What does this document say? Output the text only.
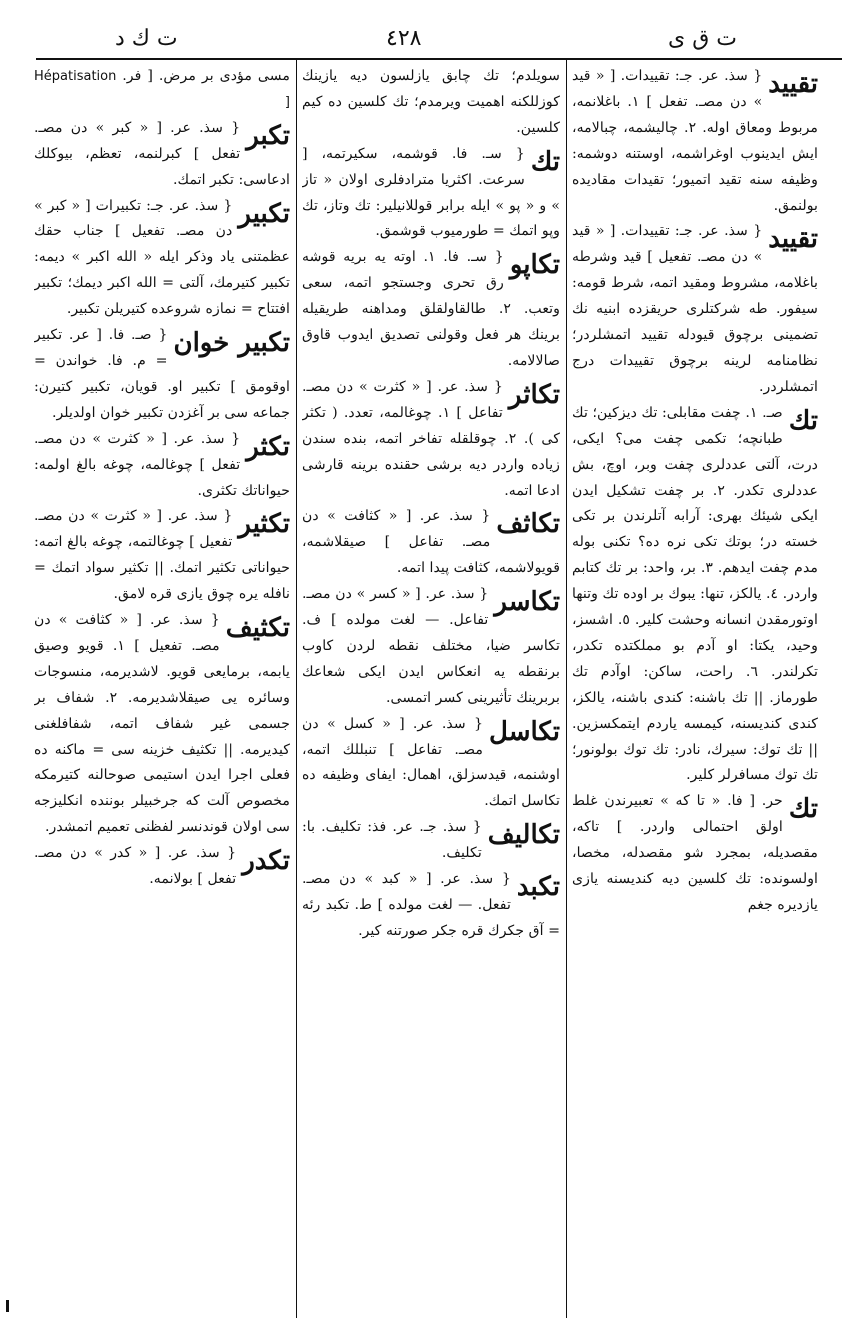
ت ك د	٤٢٨	ت ق ى
تقييد
{ سذ. عر. جـ: تقييدات. [ « قيد » دن مصـ. تفعل ] ١. باغلانمه، مربوط ومعاق اوله. ٢. چاليشمه، چبالامه، ايش ايدينوب اوغراشمه، اوستنه دوشمه: وظيفه سنه تقيد اتميور؛ تقيدات مقاديده بولنمق.
تقييد
{ سذ. عر. جـ: تقييدات. [ « قيد » دن مصـ. تفعيل ] قيد وشرطه باغلامه، مشروط ومقيد اتمه، شرط قومه: سيفور. طه شركتلرى حريقزده ابنيه نك تضمينى برچوق قيودله تقييد اتمشلردر؛ نظامنامه لرينه برچوق تقييدات درج اتمشلردر.
تك
صـ. ١. چفت مقابلى: تك ديزكين؛ تك طبانچه؛ تكمى چفت مى؟ ايكى، درت، آلتى عددلرى چفت وبر، اوچ، بش عددلرى تكدر. ٢. بر چفت تشكيل ايدن ايكى شيئك بهرى: آرابه آتلرندن بر تكى خسته در؛ بوتك تكى نره ده؟ تكنى بوله مدم چفت ايدهم. ٣. بر، واحد: بر تك كتابم واردر. ٤. يالكز، تنها: يبوك بر اوده تك وتنها اوتورمقدن انسانه وحشت كلير. ٥. اشسز، وحيد، يكتا: او آدم بو مملكتده تكدر، تكرلندر. ٦. راحت، ساكن: اوآدم تك طورماز. || تك باشنه: كندى باشنه، يالكز، كندى كنديسنه، كيمسه ياردم ايتمكسزين. || تك توك: سيرك، نادر: تك توك بولونور؛ تك توك مسافرلر كلير.
تك
حر. [ فا. « تا كه » تعبيرندن غلط اولق احتمالى واردر. ] تاكه، مقصديله، بمجرد شو مقصدله، مخصا، اولسونده: تك كلسين ديه كنديسنه يازى يازديره جغم
سويلدم؛ تك چابق يازلسون ديه يازينك كوزللكنه اهميت ويرمدم؛ تك كلسين ده كيم كلسين.
تك
{ سـ. فا. قوشمه، سكيرتمه، [ سرعت. اكثريا مترادفلرى اولان « تاز » و « پو » ايله برابر قوللانيلير: تك وتاز، تك وپو اتمك = طورميوب قوشمق.
تكاپو
{ سـ. فا. ١. اوته يه بريه قوشه رق تحرى وجستجو اتمه، سعى وتعب. ٢. طالقاولقلق ومداهنه طريقيله برينك هر فعل وقولنى تصديق ايدوب قاوق صالالامه.
تكاثر
{ سذ. عر. [ « كثرت » دن مصـ. تفاعل ] ١. چوغالمه، تعدد. ( تكثر كى ). ٢. چوقلقله تفاخر اتمه، بنده سندن زياده واردر ديه برشى حقنده برينه قارشى ادعا اتمه.
تكاثف
{ سذ. عر. [ « كثافت » دن مصـ. تفاعل ] صيقلاشمه، قويولاشمه، كثافت پيدا اتمه.
تكاسر
{ سذ. عر. [ « كسر » دن مصـ. تفاعل. — لغت مولده ] ف. تكاسر ضيا، مختلف نقطه لردن كاوب برنقطه يه انعكاس ايدن ايكى شعاعك بربرينك تأثيرينى كسر اتمسى.
تكاسل
{ سذ. عر. [ « كسل » دن مصـ. تفاعل ] تنبللك اتمه، اوشنمه، قيدسزلق، اهمال: ايفاى وظيفه ده تكاسل اتمك.
تكاليف
{ سذ. جـ. عر. فذ: تكليف. با: تكليف.
تكبد
{ سذ. عر. [ « كبد » دن مصـ. تفعل. — لغت مولده ] ط. تكبد رئه = آق جكرك قره جكر صورتنه كير.
مسى مؤدى بر مرض. [ فر. Hépatisation ]
تكبر
{ سذ. عر. [ « كبر » دن مصـ. تفعل ] كبرلنمه، تعظم، بيوكلك ادعاسى: تكبر اتمك.
تكبير
{ سذ. عر. جـ: تكبيرات [ « كبر » دن مصـ. تفعيل ] جناب حقك عظمتنى ياد وذكر ايله « الله اكبر » ديمه: تكبير كتيرمك، آلتى = الله اكبر ديمك؛ تكبير افتتاح = نمازه شروعده كتيريلن تكبير.
تكبير خوان
{ صـ. فا. [ عر. تكبير = م. فا. خواندن = اوقومق ] تكبير او. قويان، تكبير كتيرن: جماعه سى بر آغزدن تكبير خوان اولديلر.
تكثر
{ سذ. عر. [ « كثرت » دن مصـ. تفعل ] چوغالمه، چوغه بالغ اولمه: حيواناتك تكثرى.
تكثير
{ سذ. عر. [ « كثرت » دن مصـ. تفعيل ] چوغالتمه، چوغه بالغ اتمه: حيواناتى تكثير اتمك. || تكثير سواد اتمك = نافله يره چوق يازى قره لامق.
تكثيف
{ سذ. عر. [ « كثافت » دن مصـ. تفعيل ] ١. قويو وصيق يابمه، برمايعى قويو. لاشديرمه، منسوجات وسائره يى صيقلاشديرمه. ٢. شفاف بر جسمى غير شفاف اتمه، شفافلغنى كيديرمه. || تكثيف خزينه سى = ماكنه ده فعلى اجرا ايدن استيمى صوحالنه كتيرمكه مخصوص آلت كه جرخبيلر بوننده انكليزجه سى اولان قوندنسر لفظنى تعميم اتمشدر.
تكدر
{ سذ. عر. [ « كدر » دن مصـ. تفعل ] بولانمه.
